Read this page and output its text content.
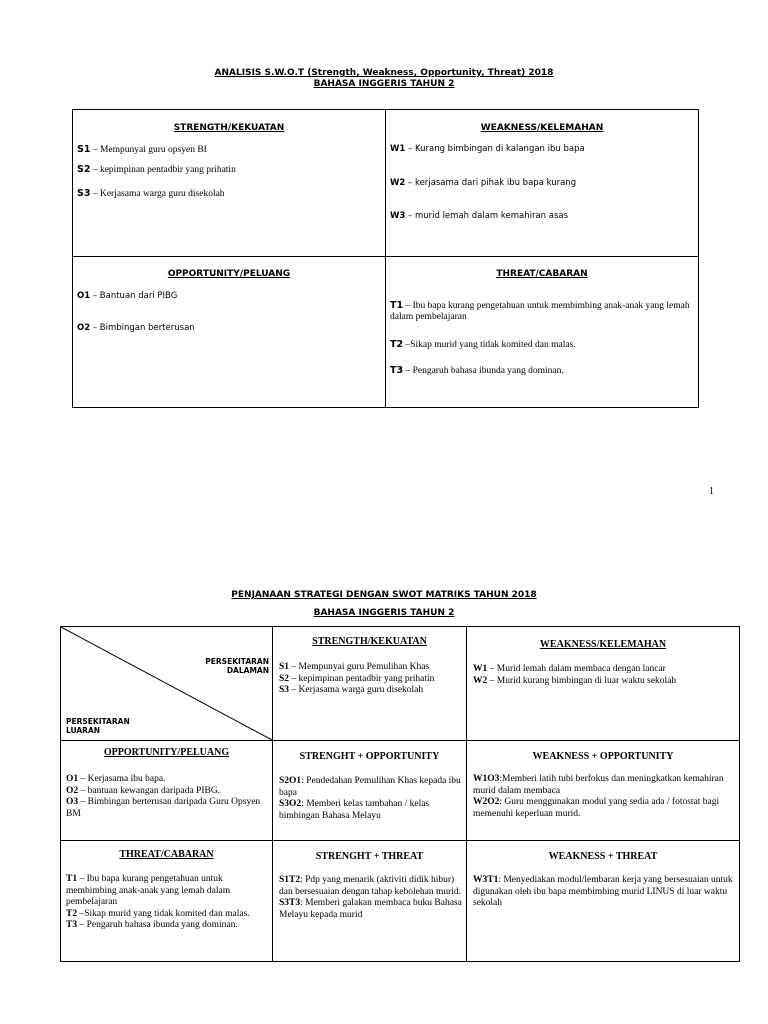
ANALISIS S.W.O.T (Strength, Weakness, Opportunity, Threat) 2018
BAHASA INGGERIS TAHUN 2
STRENGTH/KEKUATAN
S1 – Mempunyai guru opsyen BI
S2 – kepimpinan pentadbir yang prihatin
S3 – Kerjasama warga guru disekolah
WEAKNESS/KELEMAHAN
W1 – Kurang bimbingan di kalangan ibu bapa
W2 – kerjasama dari pihak ibu bapa kurang
W3 – murid lemah dalam kemahiran asas
OPPORTUNITY/PELUANG
O1 – Bantuan dari PIBG
O2 – Bimbingan berterusan
THREAT/CABARAN
T1 – Ibu bapa kurang pengetahuan untuk membimbing anak-anak yang lemah dalam pembelajaran
T2 –Sikap murid yang tidak komited dan malas.
T3 – Pengaruh bahasa ibunda yang dominan.
1
PENJANAAN STRATEGI DENGAN SWOT MATRIKS TAHUN 2018
BAHASA INGGERIS TAHUN 2
PERSEKITARAN
DALAMAN
PERSEKITARAN
LUARAN
STRENGTH/KEKUATAN
S1 – Mempunyai guru Pemulihan Khas
S2 – kepimpinan pentadbir yang prihatin
S3 – Kerjasama warga guru disekolah
WEAKNESS/KELEMAHAN
W1 – Murid lemah dalam membaca dengan lancar
W2 – Murid kurang bimbingan di luar waktu sekolah
OPPORTUNITY/PELUANG
O1 – Kerjasama ibu bapa.
O2 – bantuan kewangan daripada PIBG.
O3 – Bimbingan berterusan daripada Guru Opsyen BM
STRENGHT + OPPORTUNITY
S2O1: Pendedahan Pemulihan Khas kepada ibu bapa
S3O2: Memberi kelas tambahan / kelas bimbingan Bahasa Melayu
WEAKNESS + OPPORTUNITY
W1O3:Memberi latih tubi berfokus dan meningkatkan kemahiran murid dalam membaca
W2O2: Guru menggunakan modul yang sedia ada / fotostat bagi memenuhi keperluan murid.
THREAT/CABARAN
T1 – Ibu bapa kurang pengetahuan untuk membimbing anak-anak yang lemah dalam pembelajaran
T2 –Sikap murid yang tidak komited dan malas.
T3 – Pengaruh bahasa ibunda yang dominan.
STRENGHT + THREAT
S1T2: Pdp yang menarik (aktiviti didik hibur) dan bersesuaian dengan tahap kebolehan murid.
S3T3: Memberi galakan membaca buku Bahasa Melayu kepada murid
WEAKNESS + THREAT
W3T1: Menyediakan modul/lembaran kerja yang bersesuaian untuk digunakan oleh ibu bapa membimbing murid LINUS di luar waktu sekolah
